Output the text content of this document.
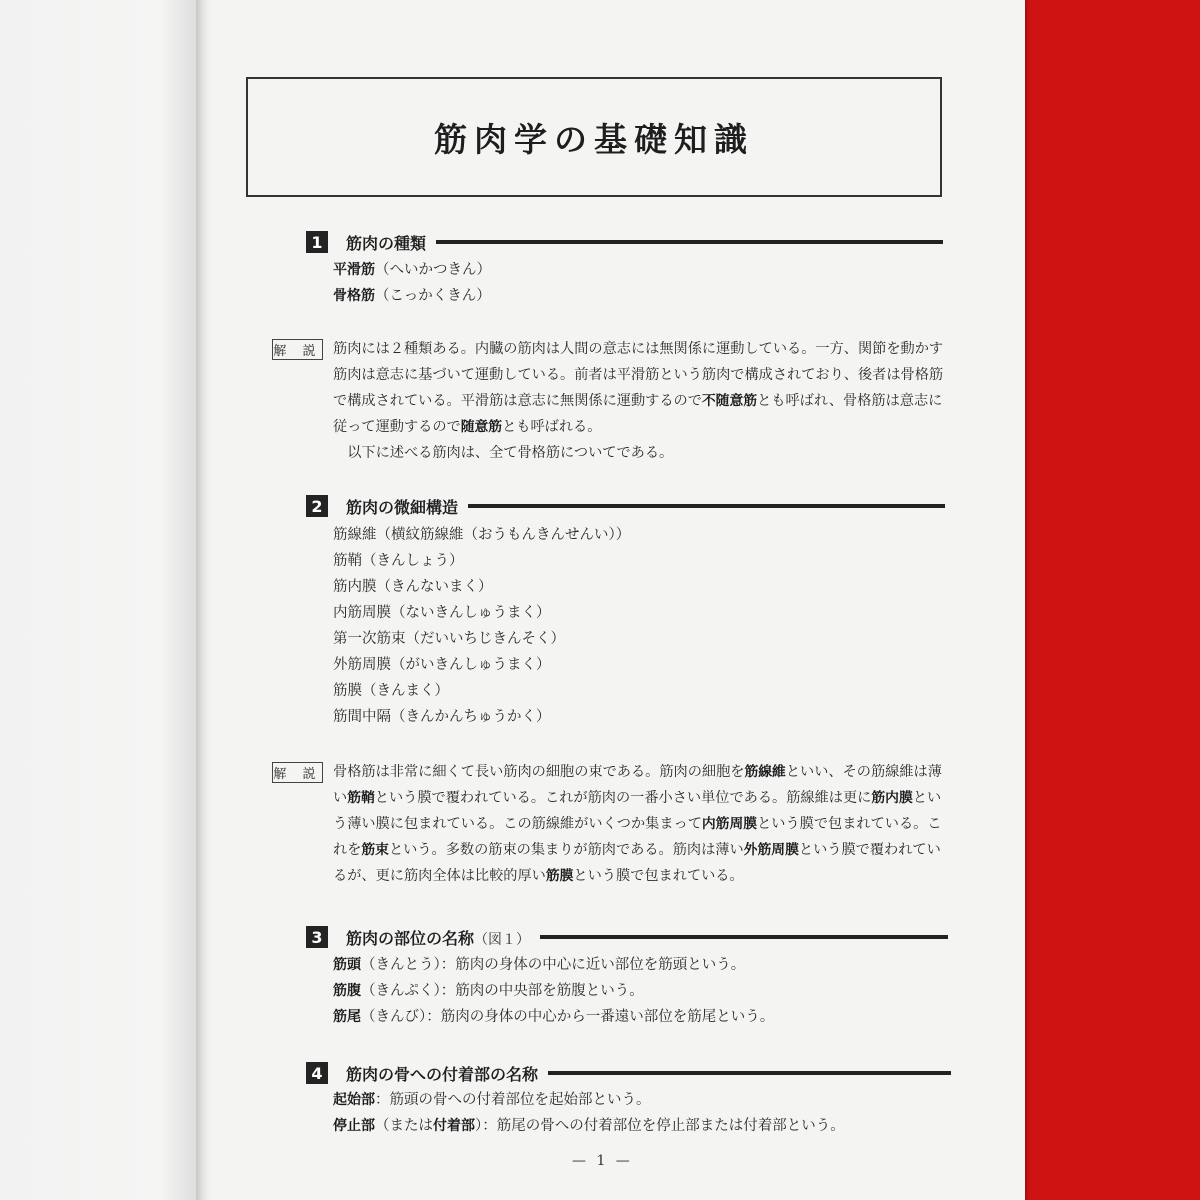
筋肉学の基礎知識
1	筋肉の種類
平滑筋（へいかつきん）
骨格筋（こっかくきん）
解 説 筋肉には２種類ある。内臓の筋肉は人間の意志には無関係に運動している。一方、関節を動かす筋肉は意志に基づいて運動している。前者は平滑筋という筋肉で構成されており、後者は骨格筋で構成されている。平滑筋は意志に無関係に運動するので不随意筋とも呼ばれ、骨格筋は意志に従って運動するので随意筋とも呼ばれる。

以下に述べる筋肉は、全て骨格筋についてである。

2	筋肉の微細構造
筋線維（横紋筋線維（おうもんきんせんい））
筋鞘（きんしょう）
筋内膜（きんないまく）
内筋周膜（ないきんしゅうまく）
第一次筋束（だいいちじきんそく）
外筋周膜（がいきんしゅうまく）
筋膜（きんまく）
筋間中隔（きんかんちゅうかく）
解 説 骨格筋は非常に細くて長い筋肉の細胞の束である。筋肉の細胞を筋線維といい、その筋線維は薄い筋鞘という膜で覆われている。これが筋肉の一番小さい単位である。筋線維は更に筋内膜という薄い膜に包まれている。この筋線維がいくつか集まって内筋周膜という膜で包まれている。これを筋束という。多数の筋束の集まりが筋肉である。筋肉は薄い外筋周膜という膜で覆われているが、更に筋肉全体は比較的厚い筋膜という膜で包まれている。

3	筋肉の部位の名称（図１）
筋頭（きんとう）：筋肉の身体の中心に近い部位を筋頭という。
筋腹（きんぷく）：筋肉の中央部を筋腹という。
筋尾（きんび）：筋肉の身体の中心から一番遠い部位を筋尾という。
4	筋肉の骨への付着部の名称
起始部：筋頭の骨への付着部位を起始部という。
停止部（または付着部）：筋尾の骨への付着部位を停止部または付着部という。
— 1 —
